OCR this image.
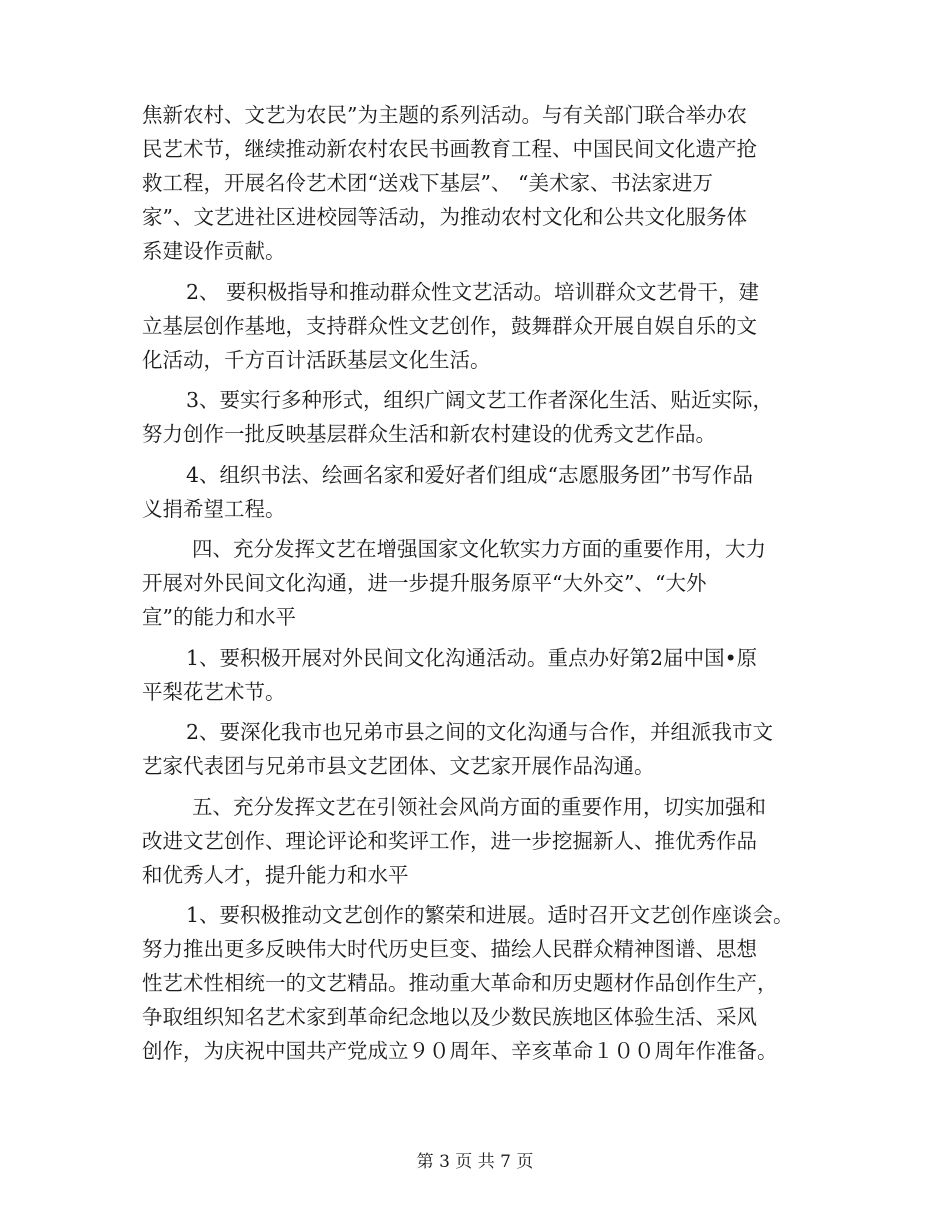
焦新农村、文艺为农民”为主题的系列活动。与有关部门联合举办农
民艺术节，继续推动新农村农民书画教育工程、中国民间文化遗产抢
救工程，开展名伶艺术团“送戏下基层”、 “美术家、书法家进万
家”、文艺进社区进校园等活动，为推动农村文化和公共文化服务体
系建设作贡献。
2、 要积极指导和推动群众性文艺活动。培训群众文艺骨干，建
立基层创作基地，支持群众性文艺创作，鼓舞群众开展自娱自乐的文
化活动，千方百计活跃基层文化生活。
3、要实行多种形式，组织广阔文艺工作者深化生活、贴近实际，
努力创作一批反映基层群众生活和新农村建设的优秀文艺作品。
4、组织书法、绘画名家和爱好者们组成“志愿服务团”书写作品
义捐希望工程。
四、充分发挥文艺在增强国家文化软实力方面的重要作用，大力
开展对外民间文化沟通，进一步提升服务原平“大外交”、“大外
宣”的能力和水平
1、要积极开展对外民间文化沟通活动。重点办好第2届中国•原
平梨花艺术节。
2、要深化我市也兄弟市县之间的文化沟通与合作，并组派我市文
艺家代表团与兄弟市县文艺团体、文艺家开展作品沟通。
五、充分发挥文艺在引领社会风尚方面的重要作用，切实加强和
改进文艺创作、理论评论和奖评工作，进一步挖掘新人、推优秀作品
和优秀人才，提升能力和水平
1、要积极推动文艺创作的繁荣和进展。适时召开文艺创作座谈会。
努力推出更多反映伟大时代历史巨变、描绘人民群众精神图谱、思想
性艺术性相统一的文艺精品。推动重大革命和历史题材作品创作生产，
争取组织知名艺术家到革命纪念地以及少数民族地区体验生活、采风
创作，为庆祝中国共产党成立９０周年、辛亥革命１００周年作准备。
第 3 页 共 7 页
